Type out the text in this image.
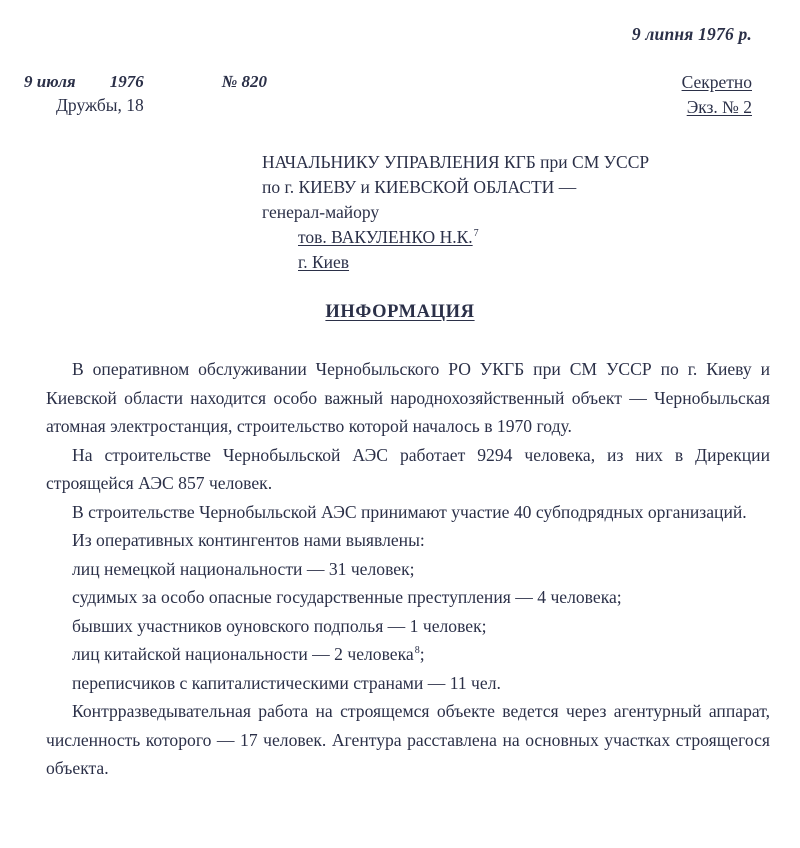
9 липня 1976 р.
9 июля 1976	№ 820
Дружбы, 18
Секретно
Экз. № 2
НАЧАЛЬНИКУ УПРАВЛЕНИЯ КГБ при СМ УССР
по г. КИЕВУ и КИЕВСКОЙ ОБЛАСТИ —
генерал-майору
тов. ВАКУЛЕНКО Н.К.$^7$
г. Киев
ИНФОРМАЦИЯ

В оперативном обслуживании Чернобыльского РО УКГБ при СМ УССР по г. Киеву и Киевской области находится особо важный народнохозяйственный объект — Чернобыльская атомная электростанция, строительство которой началось в 1970 году.

На строительстве Чернобыльской АЭС работает 9294 человека, из них в Дирекции строящейся АЭС 857 человек.

В строительстве Чернобыльской АЭС принимают участие 40 субподрядных организаций.

Из оперативных контингентов нами выявлены:

лиц немецкой национальности — 31 человек;

судимых за особо опасные государственные преступления — 4 человека;

бывших участников оуновского подполья — 1 человек;

лиц китайской национальности — 2 человека$^8$;

переписчиков с капиталистическими странами — 11 чел.

Контрразведывательная работа на строящемся объекте ведется через агентурный аппарат, численность которого — 17 человек. Агентура расставлена на основных участках строящегося объекта.
